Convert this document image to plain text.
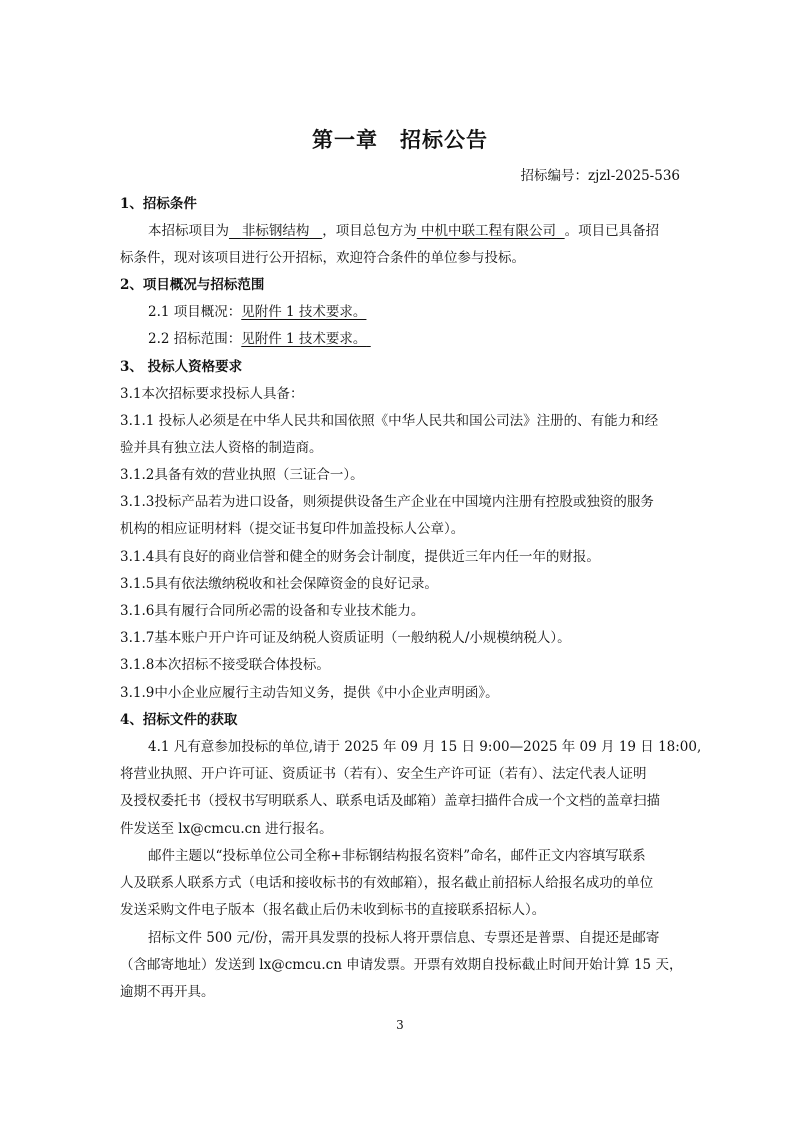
第一章 招标公告
招标编号：zjzl-2025-536
1、招标条件
本招标项目为 非标钢结构 ，项目总包方为 中机中联工程有限公司 。项目已具备招
标条件，现对该项目进行公开招标，欢迎符合条件的单位参与投标。
2、项目概况与招标范围
2.1 项目概况：见附件 1 技术要求。
2.2 招标范围：见附件 1 技术要求。
3、 投标人资格要求
3.1本次招标要求投标人具备：
3.1.1 投标人必须是在中华人民共和国依照《中华人民共和国公司法》注册的、有能力和经
验并具有独立法人资格的制造商。
3.1.2具备有效的营业执照（三证合一）。
3.1.3投标产品若为进口设备，则须提供设备生产企业在中国境内注册有控股或独资的服务
机构的相应证明材料（提交证书复印件加盖投标人公章）。
3.1.4具有良好的商业信誉和健全的财务会计制度，提供近三年内任一年的财报。
3.1.5具有依法缴纳税收和社会保障资金的良好记录。
3.1.6具有履行合同所必需的设备和专业技术能力。
3.1.7基本账户开户许可证及纳税人资质证明（一般纳税人/小规模纳税人）。
3.1.8本次招标不接受联合体投标。
3.1.9中小企业应履行主动告知义务，提供《中小企业声明函》。
4、招标文件的获取
4.1 凡有意参加投标的单位,请于 2025 年 09 月 15 日 9:00—2025 年 09 月 19 日 18:00,
将营业执照、开户许可证、资质证书（若有）、安全生产许可证（若有）、法定代表人证明
及授权委托书（授权书写明联系人、联系电话及邮箱）盖章扫描件合成一个文档的盖章扫描
件发送至 lx@cmcu.cn 进行报名。
邮件主题以“投标单位公司全称+非标钢结构报名资料”命名，邮件正文内容填写联系
人及联系人联系方式（电话和接收标书的有效邮箱），报名截止前招标人给报名成功的单位
发送采购文件电子版本（报名截止后仍未收到标书的直接联系招标人）。
招标文件 500 元/份，需开具发票的投标人将开票信息、专票还是普票、自提还是邮寄
（含邮寄地址）发送到 lx@cmcu.cn 申请发票。开票有效期自投标截止时间开始计算 15 天，
逾期不再开具。
3
